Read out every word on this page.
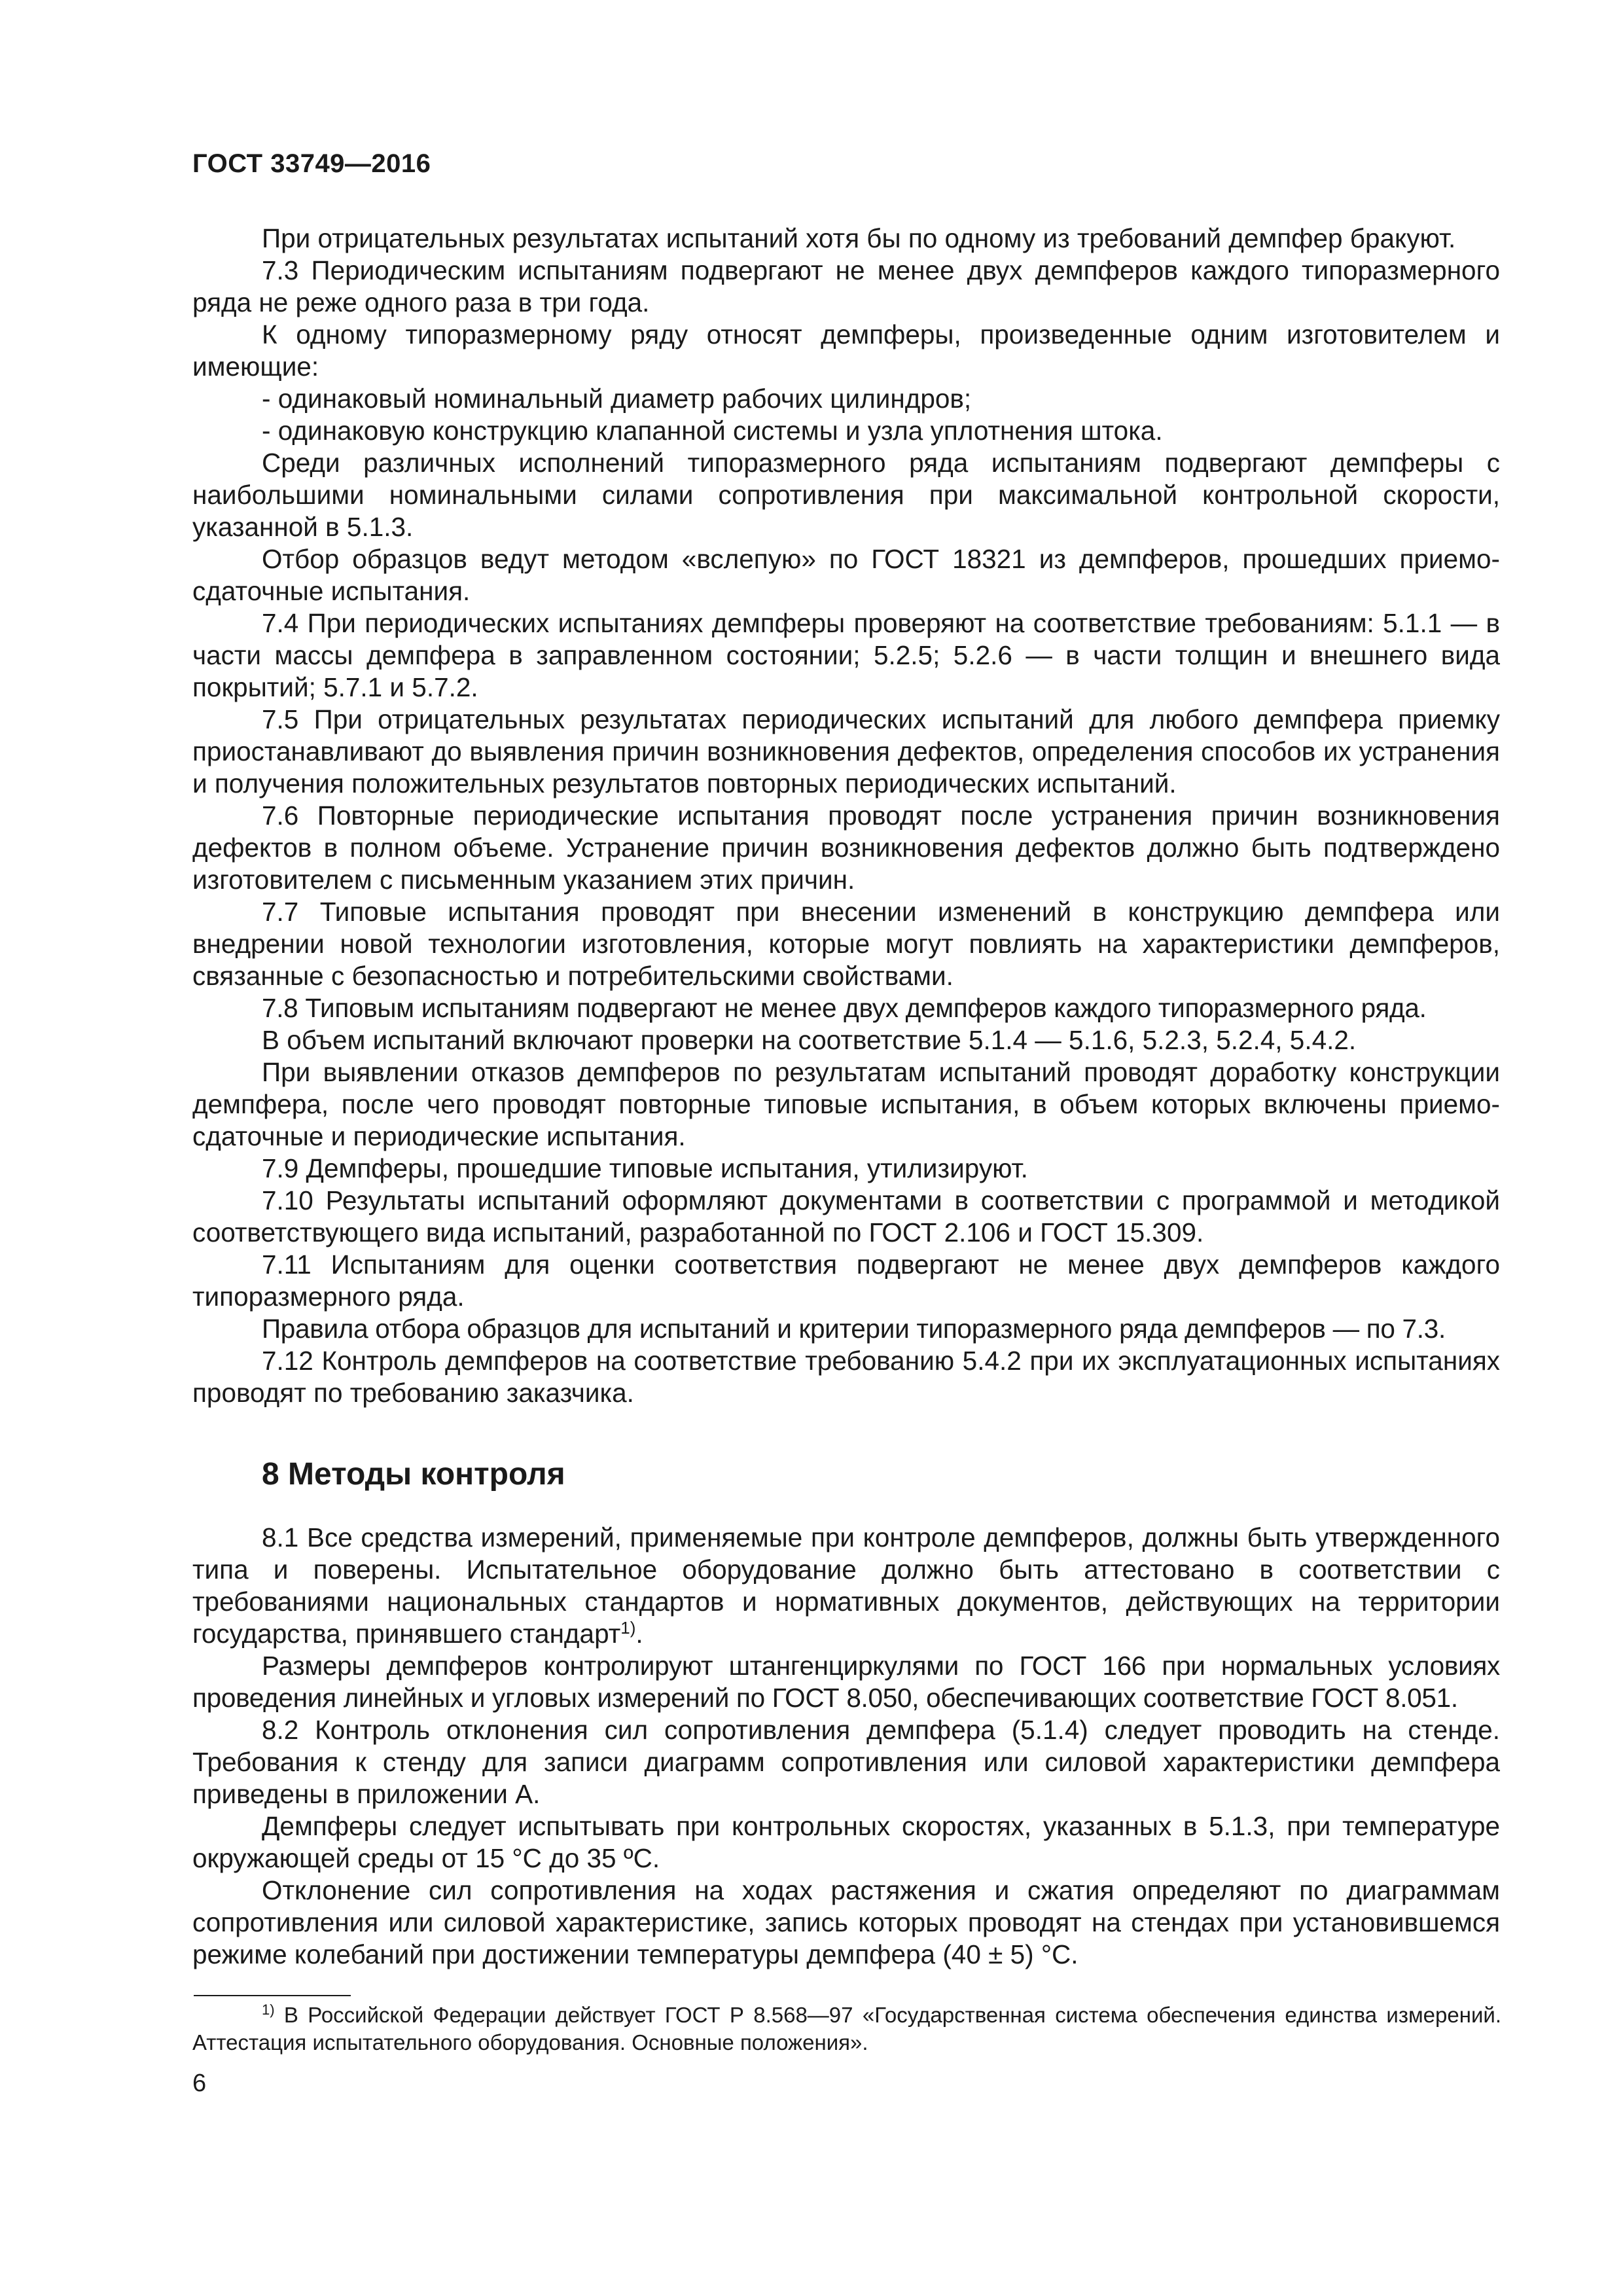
ГОСТ 33749—2016

При отрицательных результатах испытаний хотя бы по одному из требований демпфер бракуют.

7.3 Периодическим испытаниям подвергают не менее двух демпферов каждого типоразмерного ряда не реже одного раза в три года.

К одному типоразмерному ряду относят демпферы, произведенные одним изготовителем и имеющие:

- одинаковый номинальный диаметр рабочих цилиндров;

- одинаковую конструкцию клапанной системы и узла уплотнения штока.

Среди различных исполнений типоразмерного ряда испытаниям подвергают демпферы с наибольшими номинальными силами сопротивления при максимальной контрольной скорости, указанной в 5.1.3.

Отбор образцов ведут методом «вслепую» по ГОСТ 18321 из демпферов, прошедших приемо-сдаточные испытания.

7.4 При периодических испытаниях демпферы проверяют на соответствие требованиям: 5.1.1 — в части массы демпфера в заправленном состоянии; 5.2.5; 5.2.6 — в части толщин и внешнего вида покрытий; 5.7.1 и 5.7.2.

7.5 При отрицательных результатах периодических испытаний для любого демпфера приемку приостанавливают до выявления причин возникновения дефектов, определения способов их устранения и получения положительных результатов повторных периодических испытаний.

7.6 Повторные периодические испытания проводят после устранения причин возникновения дефектов в полном объеме. Устранение причин возникновения дефектов должно быть подтверждено изготовителем с письменным указанием этих причин.

7.7 Типовые испытания проводят при внесении изменений в конструкцию демпфера или внедрении новой технологии изготовления, которые могут повлиять на характеристики демпферов, связанные с безопасностью и потребительскими свойствами.

7.8 Типовым испытаниям подвергают не менее двух демпферов каждого типоразмерного ряда.

В объем испытаний включают проверки на соответствие 5.1.4 — 5.1.6, 5.2.3, 5.2.4, 5.4.2.

При выявлении отказов демпферов по результатам испытаний проводят доработку конструкции демпфера, после чего проводят повторные типовые испытания, в объем которых включены приемо-сдаточные и периодические испытания.

7.9 Демпферы, прошедшие типовые испытания, утилизируют.

7.10 Результаты испытаний оформляют документами в соответствии с программой и методикой соответствующего вида испытаний, разработанной по ГОСТ 2.106 и ГОСТ 15.309.

7.11 Испытаниям для оценки соответствия подвергают не менее двух демпферов каждого типоразмерного ряда.

Правила отбора образцов для испытаний и критерии типоразмерного ряда демпферов — по 7.3.

7.12 Контроль демпферов на соответствие требованию 5.4.2 при их эксплуатационных испытаниях проводят по требованию заказчика.

8 Методы контроля

8.1 Все средства измерений, применяемые при контроле демпферов, должны быть утвержденного типа и поверены. Испытательное оборудование должно быть аттестовано в соответствии с требованиями национальных стандартов и нормативных документов, действующих на территории государства, принявшего стандарт$^{1)}$.

Размеры демпферов контролируют штангенциркулями по ГОСТ 166 при нормальных условиях проведения линейных и угловых измерений по ГОСТ 8.050, обеспечивающих соответствие ГОСТ 8.051.

8.2 Контроль отклонения сил сопротивления демпфера (5.1.4) следует проводить на стенде. Требования к стенду для записи диаграмм сопротивления или силовой характеристики демпфера приведены в приложении А.

Демпферы следует испытывать при контрольных скоростях, указанных в 5.1.3, при температуре окружающей среды от 15 °С до 35 ºС.

Отклонение сил сопротивления на ходах растяжения и сжатия определяют по диаграммам сопротивления или силовой характеристике, запись которых проводят на стендах при установившемся режиме колебаний при достижении температуры демпфера (40 ± 5) °С.

$^{1)}$ В Российской Федерации действует ГОСТ Р 8.568—97 «Государственная система обеспечения единства измерений. Аттестация испытательного оборудования. Основные положения».
6
